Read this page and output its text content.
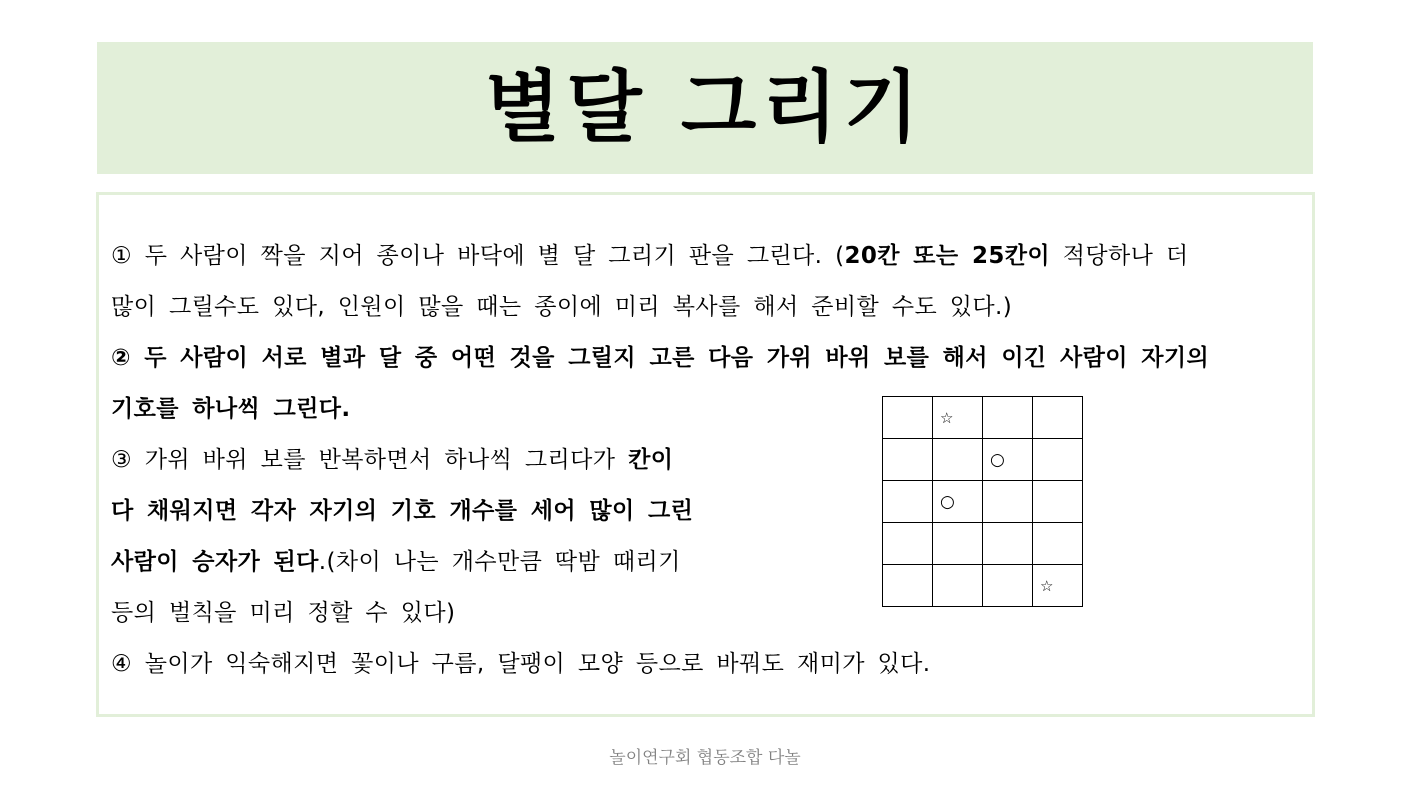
별달 그리기
① 두 사람이 짝을 지어 종이나 바닥에 별 달 그리기 판을 그린다. (20칸 또는 25칸이 적당하나 더
많이 그릴수도 있다, 인원이 많을 때는 종이에 미리 복사를 해서 준비할 수도 있다.)
② 두 사람이 서로 별과 달 중 어떤 것을 그릴지 고른 다음 가위 바위 보를 해서 이긴 사람이 자기의
기호를 하나씩 그린다.
③ 가위 바위 보를 반복하면서 하나씩 그리다가 칸이
다 채워지면 각자 자기의 기호 개수를 세어 많이 그린
사람이 승자가 된다.(차이 나는 개수만큼 딱밤 때리기
등의 벌칙을 미리 정할 수 있다)
④ 놀이가 익숙해지면 꽃이나 구름, 달팽이 모양 등으로 바꿔도 재미가 있다.
	☆		
		○	
	○		

			☆
놀이연구회 협동조합 다놀
